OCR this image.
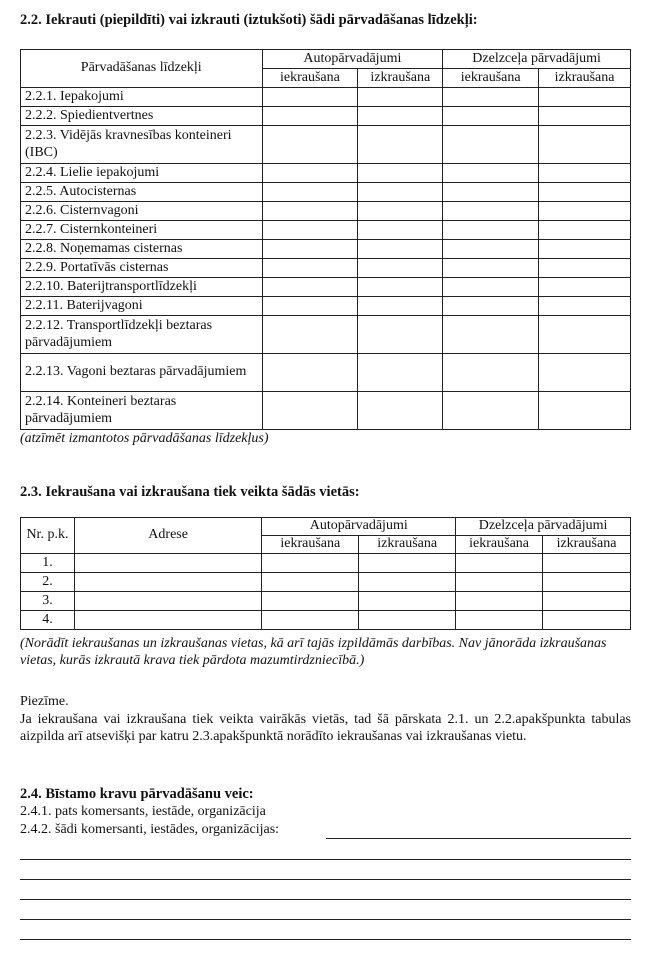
2.2. Iekrauti (piepildīti) vai izkrauti (iztukšoti) šādi pārvadāšanas līdzekļi:
Pārvadāšanas līdzekļi	Autopārvadājumi		Dzelzceļa pārvadājumi	
	iekraušana	izkraušana	iekraušana	izkraušana
2.2.1. Iepakojumi				
2.2.2. Spiedientvertnes				
2.2.3. Vidējās kravnesības konteineri (IBC)				
2.2.4. Lielie iepakojumi				
2.2.5. Autocisternas				
2.2.6. Cisternvagoni				
2.2.7. Cisternkonteineri				
2.2.8. Noņemamas cisternas				
2.2.9. Portatīvās cisternas				
2.2.10. Baterijtransportlīdzekļi				
2.2.11. Baterijvagoni				
2.2.12. Transportlīdzekļi beztaras pārvadājumiem				
2.2.13. Vagoni beztaras pārvadājumiem				
2.2.14. Konteineri beztaras pārvadājumiem				
(atzīmēt izmantotos pārvadāšanas līdzekļus)
2.3. Iekraušana vai izkraušana tiek veikta šādās vietās:
Nr. p.k.	Adrese	Autopārvadājumi		Dzelzceļa pārvadājumi	
		iekraušana	izkraušana	iekraušana	izkraušana
1.					
2.					
3.					
4.					
(Norādīt iekraušanas un izkraušanas vietas, kā arī tajās izpildāmās darbības. Nav jānorāda izkraušanas vietas, kurās izkrautā krava tiek pārdota mazumtirdzniecībā.)
Piezīme.
Ja iekraušana vai izkraušana tiek veikta vairākās vietās, tad šā pārskata 2.1. un 2.2.apakšpunkta tabulas aizpilda arī atsevišķi par katru 2.3.apakšpunktā norādīto iekraušanas vai izkraušanas vietu.
2.4. Bīstamo kravu pārvadāšanu veic:
2.4.1. pats komersants, iestāde, organizācija
2.4.2. šādi komersanti, iestādes, organizācijas:
